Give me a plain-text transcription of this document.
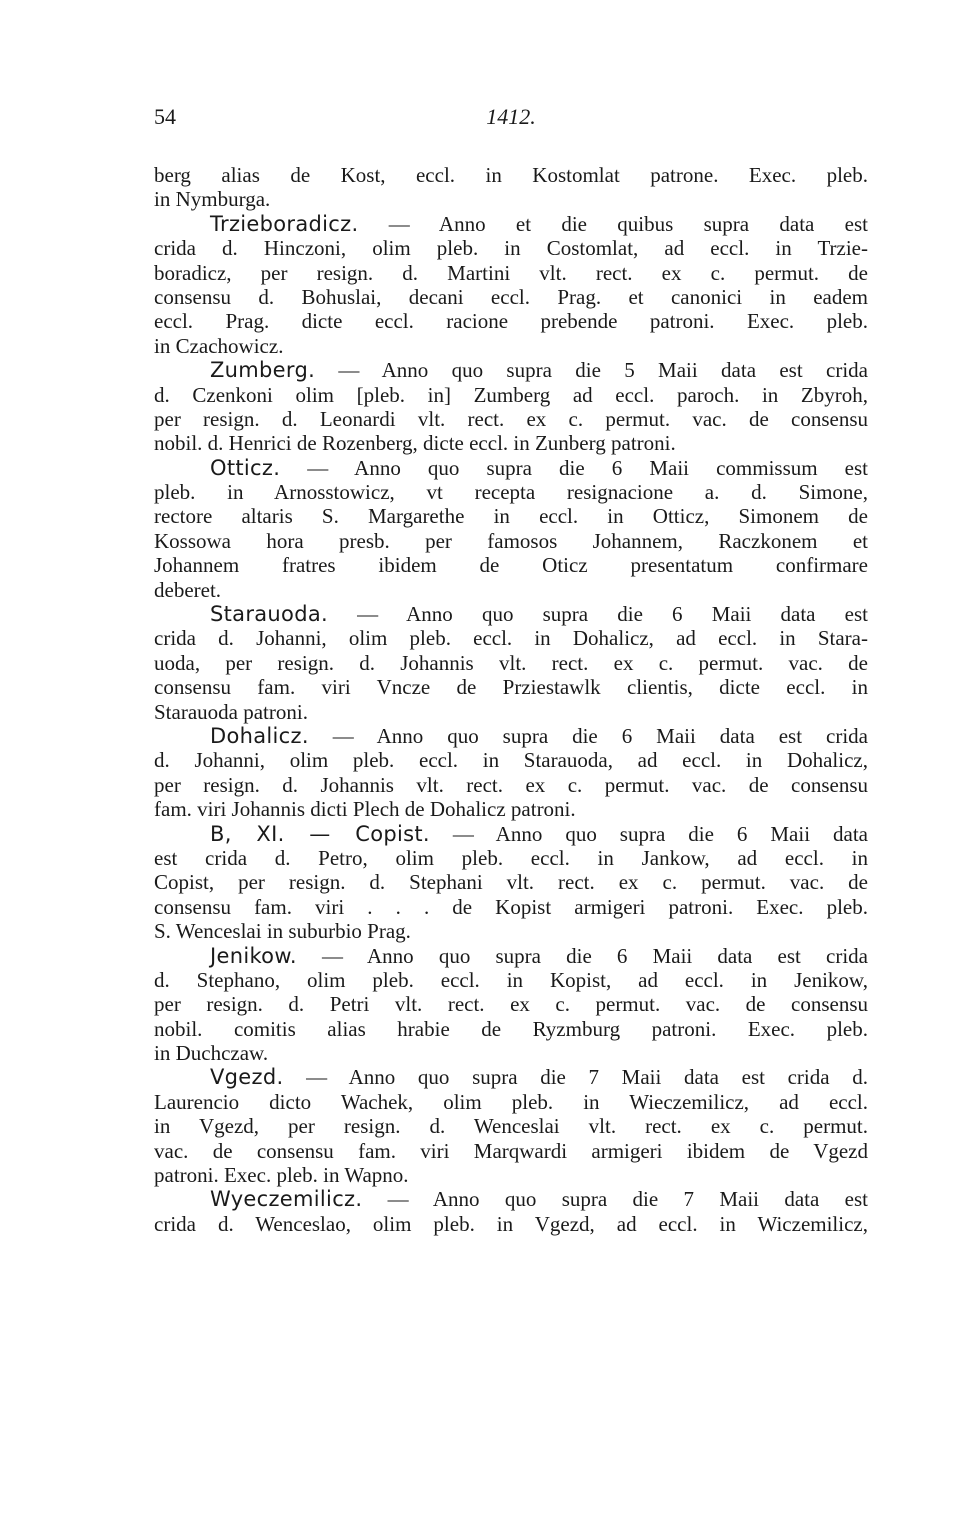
54	1412.
berg alias de Kost, eccl. in Kostomlat patrone. Exec. pleb.
in Nymburga.
Trzieboradicz. — Anno et die quibus supra data est
crida d. Hinczoni, olim pleb. in Costomlat, ad eccl. in Trzie-
boradicz, per resign. d. Martini vlt. rect. ex c. permut. de
consensu d. Bohuslai, decani eccl. Prag. et canonici in eadem
eccl. Prag. dicte eccl. racione prebende patroni. Exec. pleb.
in Czachowicz.
Zumberg. — Anno quo supra die 5 Maii data est crida
d. Czenkoni olim [pleb. in] Zumberg ad eccl. paroch. in Zbyroh,
per resign. d. Leonardi vlt. rect. ex c. permut. vac. de consensu
nobil. d. Henrici de Rozenberg, dicte eccl. in Zunberg patroni.
Otticz. — Anno quo supra die 6 Maii commissum est
pleb. in Arnosstowicz, vt recepta resignacione a. d. Simone,
rectore altaris S. Margarethe in eccl. in Otticz, Simonem de
Kossowa hora presb. per famosos Johannem, Raczkonem et
Johannem fratres ibidem de Oticz presentatum confirmare
deberet.
Starauoda. — Anno quo supra die 6 Maii data est
crida d. Johanni, olim pleb. eccl. in Dohalicz, ad eccl. in Stara-
uoda, per resign. d. Johannis vlt. rect. ex c. permut. vac. de
consensu fam. viri Vncze de Prziestawlk clientis, dicte eccl. in
Starauoda patroni.
Dohalicz. — Anno quo supra die 6 Maii data est crida
d. Johanni, olim pleb. eccl. in Starauoda, ad eccl. in Dohalicz,
per resign. d. Johannis vlt. rect. ex c. permut. vac. de consensu
fam. viri Johannis dicti Plech de Dohalicz patroni.
B, XI. — Copist. — Anno quo supra die 6 Maii data
est crida d. Petro, olim pleb. eccl. in Jankow, ad eccl. in
Copist, per resign. d. Stephani vlt. rect. ex c. permut. vac. de
consensu fam. viri . . . de Kopist armigeri patroni. Exec. pleb.
S. Wenceslai in suburbio Prag.
Jenikow. — Anno quo supra die 6 Maii data est crida
d. Stephano, olim pleb. eccl. in Kopist, ad eccl. in Jenikow,
per resign. d. Petri vlt. rect. ex c. permut. vac. de consensu
nobil. comitis alias hrabie de Ryzmburg patroni. Exec. pleb.
in Duchczaw.
Vgezd. — Anno quo supra die 7 Maii data est crida d.
Laurencio dicto Wachek, olim pleb. in Wieczemilicz, ad eccl.
in Vgezd, per resign. d. Wenceslai vlt. rect. ex c. permut.
vac. de consensu fam. viri Marqwardi armigeri ibidem de Vgezd
patroni. Exec. pleb. in Wapno.
Wyeczemilicz. — Anno quo supra die 7 Maii data est
crida d. Wenceslao, olim pleb. in Vgezd, ad eccl. in Wiczemilicz,
